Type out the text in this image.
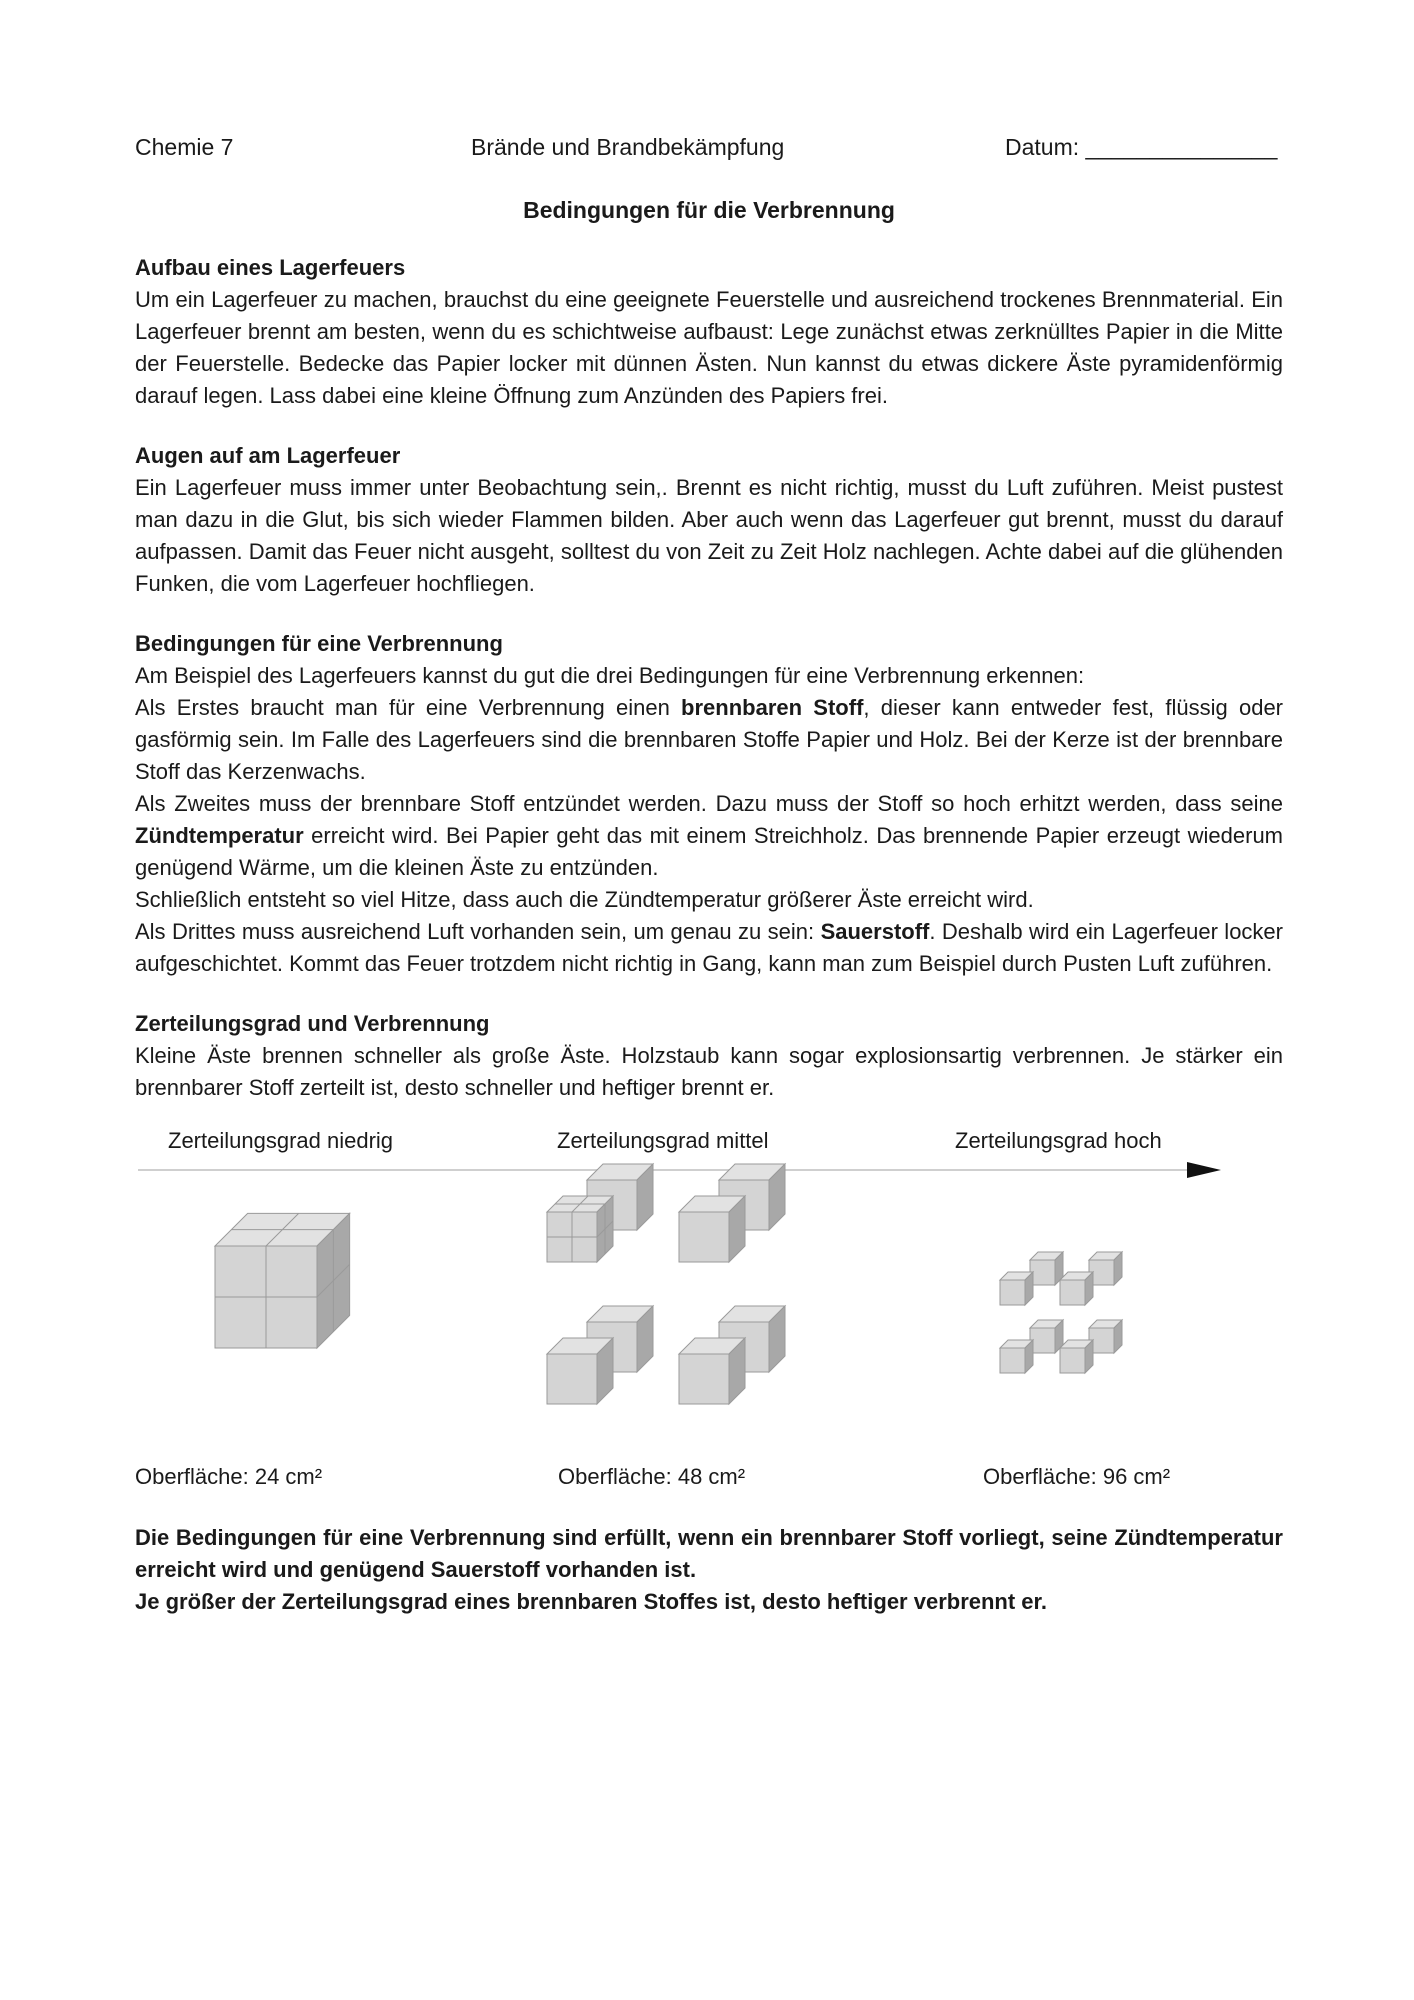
Chemie 7	Brände und Brandbekämpfung	Datum: _______________
Bedingungen für die Verbrennung
Aufbau eines Lagerfeuers

Um ein Lagerfeuer zu machen, brauchst du eine geeignete Feuerstelle und ausreichend trockenes Brennmaterial. Ein Lagerfeuer brennt am besten, wenn du es schichtweise aufbaust: Lege zunächst etwas zerknülltes Papier in die Mitte der Feuerstelle. Bedecke das Papier locker mit dünnen Ästen. Nun kannst du etwas dickere Äste pyramidenförmig darauf legen. Lass dabei eine kleine Öffnung zum Anzünden des Papiers frei.

Augen auf am Lagerfeuer

Ein Lagerfeuer muss immer unter Beobachtung sein,. Brennt es nicht richtig, musst du Luft zuführen. Meist pustest man dazu in die Glut, bis sich wieder Flammen bilden. Aber auch wenn das Lagerfeuer gut brennt, musst du darauf aufpassen. Damit das Feuer nicht ausgeht, solltest du von Zeit zu Zeit Holz nachlegen. Achte dabei auf die glühenden Funken, die vom Lagerfeuer hochfliegen.

Bedingungen für eine Verbrennung

Am Beispiel des Lagerfeuers kannst du gut die drei Bedingungen für eine Verbrennung erkennen:

Als Erstes braucht man für eine Verbrennung einen brennbaren Stoff, dieser kann entweder fest, flüssig oder gasförmig sein. Im Falle des Lagerfeuers sind die brennbaren Stoffe Papier und Holz. Bei der Kerze ist der brennbare Stoff das Kerzenwachs.

Als Zweites muss der brennbare Stoff entzündet werden. Dazu muss der Stoff so hoch erhitzt werden, dass seine Zündtemperatur erreicht wird. Bei Papier geht das mit einem Streichholz. Das brennende Papier erzeugt wiederum genügend Wärme, um die kleinen Äste zu entzünden.

Schließlich entsteht so viel Hitze, dass auch die Zündtemperatur größerer Äste erreicht wird.

Als Drittes muss ausreichend Luft vorhanden sein, um genau zu sein: Sauerstoff. Deshalb wird ein Lagerfeuer locker aufgeschichtet. Kommt das Feuer trotzdem nicht richtig in Gang, kann man zum Beispiel durch Pusten Luft zuführen.

Zerteilungsgrad und Verbrennung

Kleine Äste brennen schneller als große Äste. Holzstaub kann sogar explosionsartig verbrennen. Je stärker ein brennbarer Stoff zerteilt ist, desto schneller und heftiger brennt er.

Zerteilungsgrad niedrig	Zerteilungsgrad mittel	Zerteilungsgrad hoch
Oberfläche: 24 cm²	Oberfläche: 48 cm²	Oberfläche: 96 cm²

Die Bedingungen für eine Verbrennung sind erfüllt, wenn ein brennbarer Stoff vorliegt, seine Zündtemperatur erreicht wird und genügend Sauerstoff vorhanden ist.

Je größer der Zerteilungsgrad eines brennbaren Stoffes ist, desto heftiger verbrennt er.
